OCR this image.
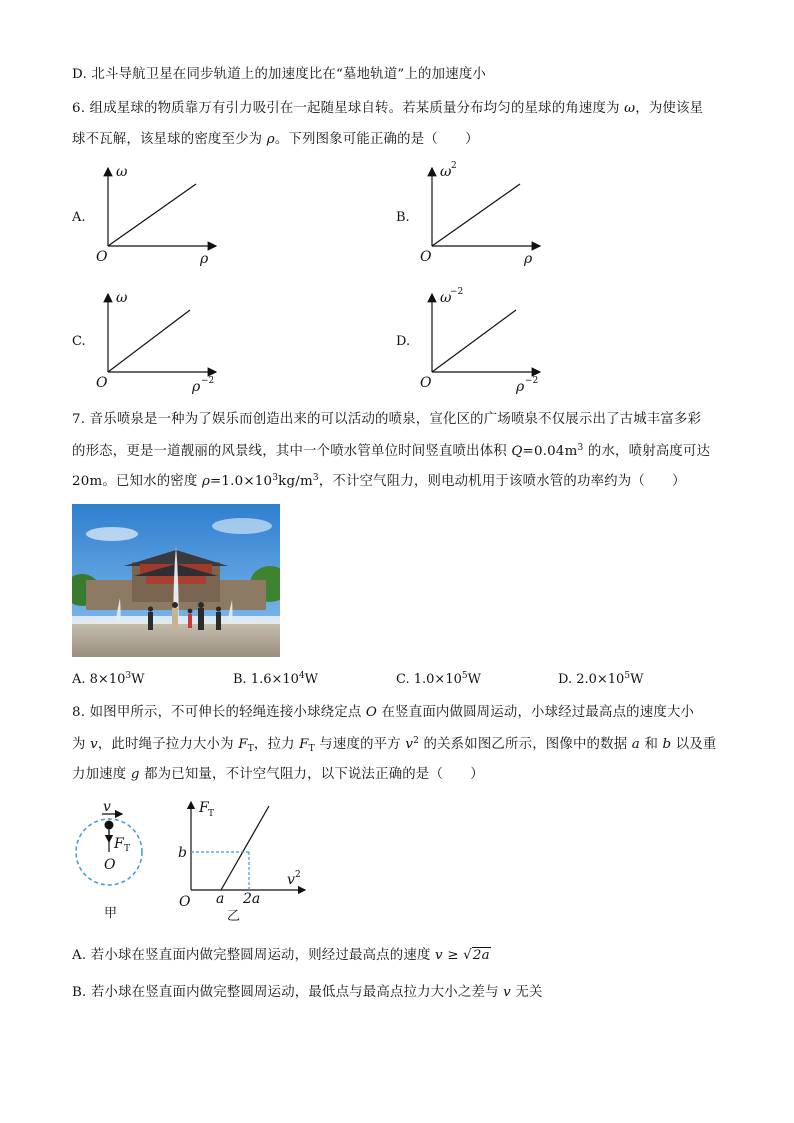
D. 北斗导航卫星在同步轨道上的加速度比在“墓地轨道”上的加速度小
6. 组成星球的物质靠万有引力吸引在一起随星球自转。若某质量分布均匀的星球的角速度为 ω，为使该星
球不瓦解，该星球的密度至少为 ρ。下列图象可能正确的是（　　）
A.
ω
O	ρ
B.
ω 2
O	ρ
C.
ω
O	ρ −2
D.
ω
−2
O	ρ −2
7. 音乐喷泉是一种为了娱乐而创造出来的可以活动的喷泉，宣化区的广场喷泉不仅展示出了古城丰富多彩
的形态，更是一道靓丽的风景线，其中一个喷水管单位时间竖直喷出体积 $Q=0.04m^3$ 的水，喷射高度可达
20m。已知水的密度 $\rho=1.0\times 10^3kg/m^3$，不计空气阻力，则电动机用于该喷水管的功率约为（　　）
A. $8\times 10^3W$	B. $1.6\times 10^4W$	C. $1.0\times 10^5W$	D. $2.0\times 10^5W$
8. 如图甲所示，不可伸长的轻绳连接小球绕定点 O 在竖直面内做圆周运动，小球经过最高点的速度大小
为 v，此时绳子拉力大小为 $F_T$，拉力 $F_T$ 与速度的平方 $v^2$ 的关系如图乙所示，图像中的数据 a 和 b 以及重
力加速度 g 都为已知量，不计空气阻力，以下说法正确的是（　　）
v
F T
O
甲
F T
b
a 2a
v 2
O
乙
A. 若小球在竖直面内做完整圆周运动，则经过最高点的速度 v ≥ √2a
B. 若小球在竖直面内做完整圆周运动，最低点与最高点拉力大小之差与 v 无关
